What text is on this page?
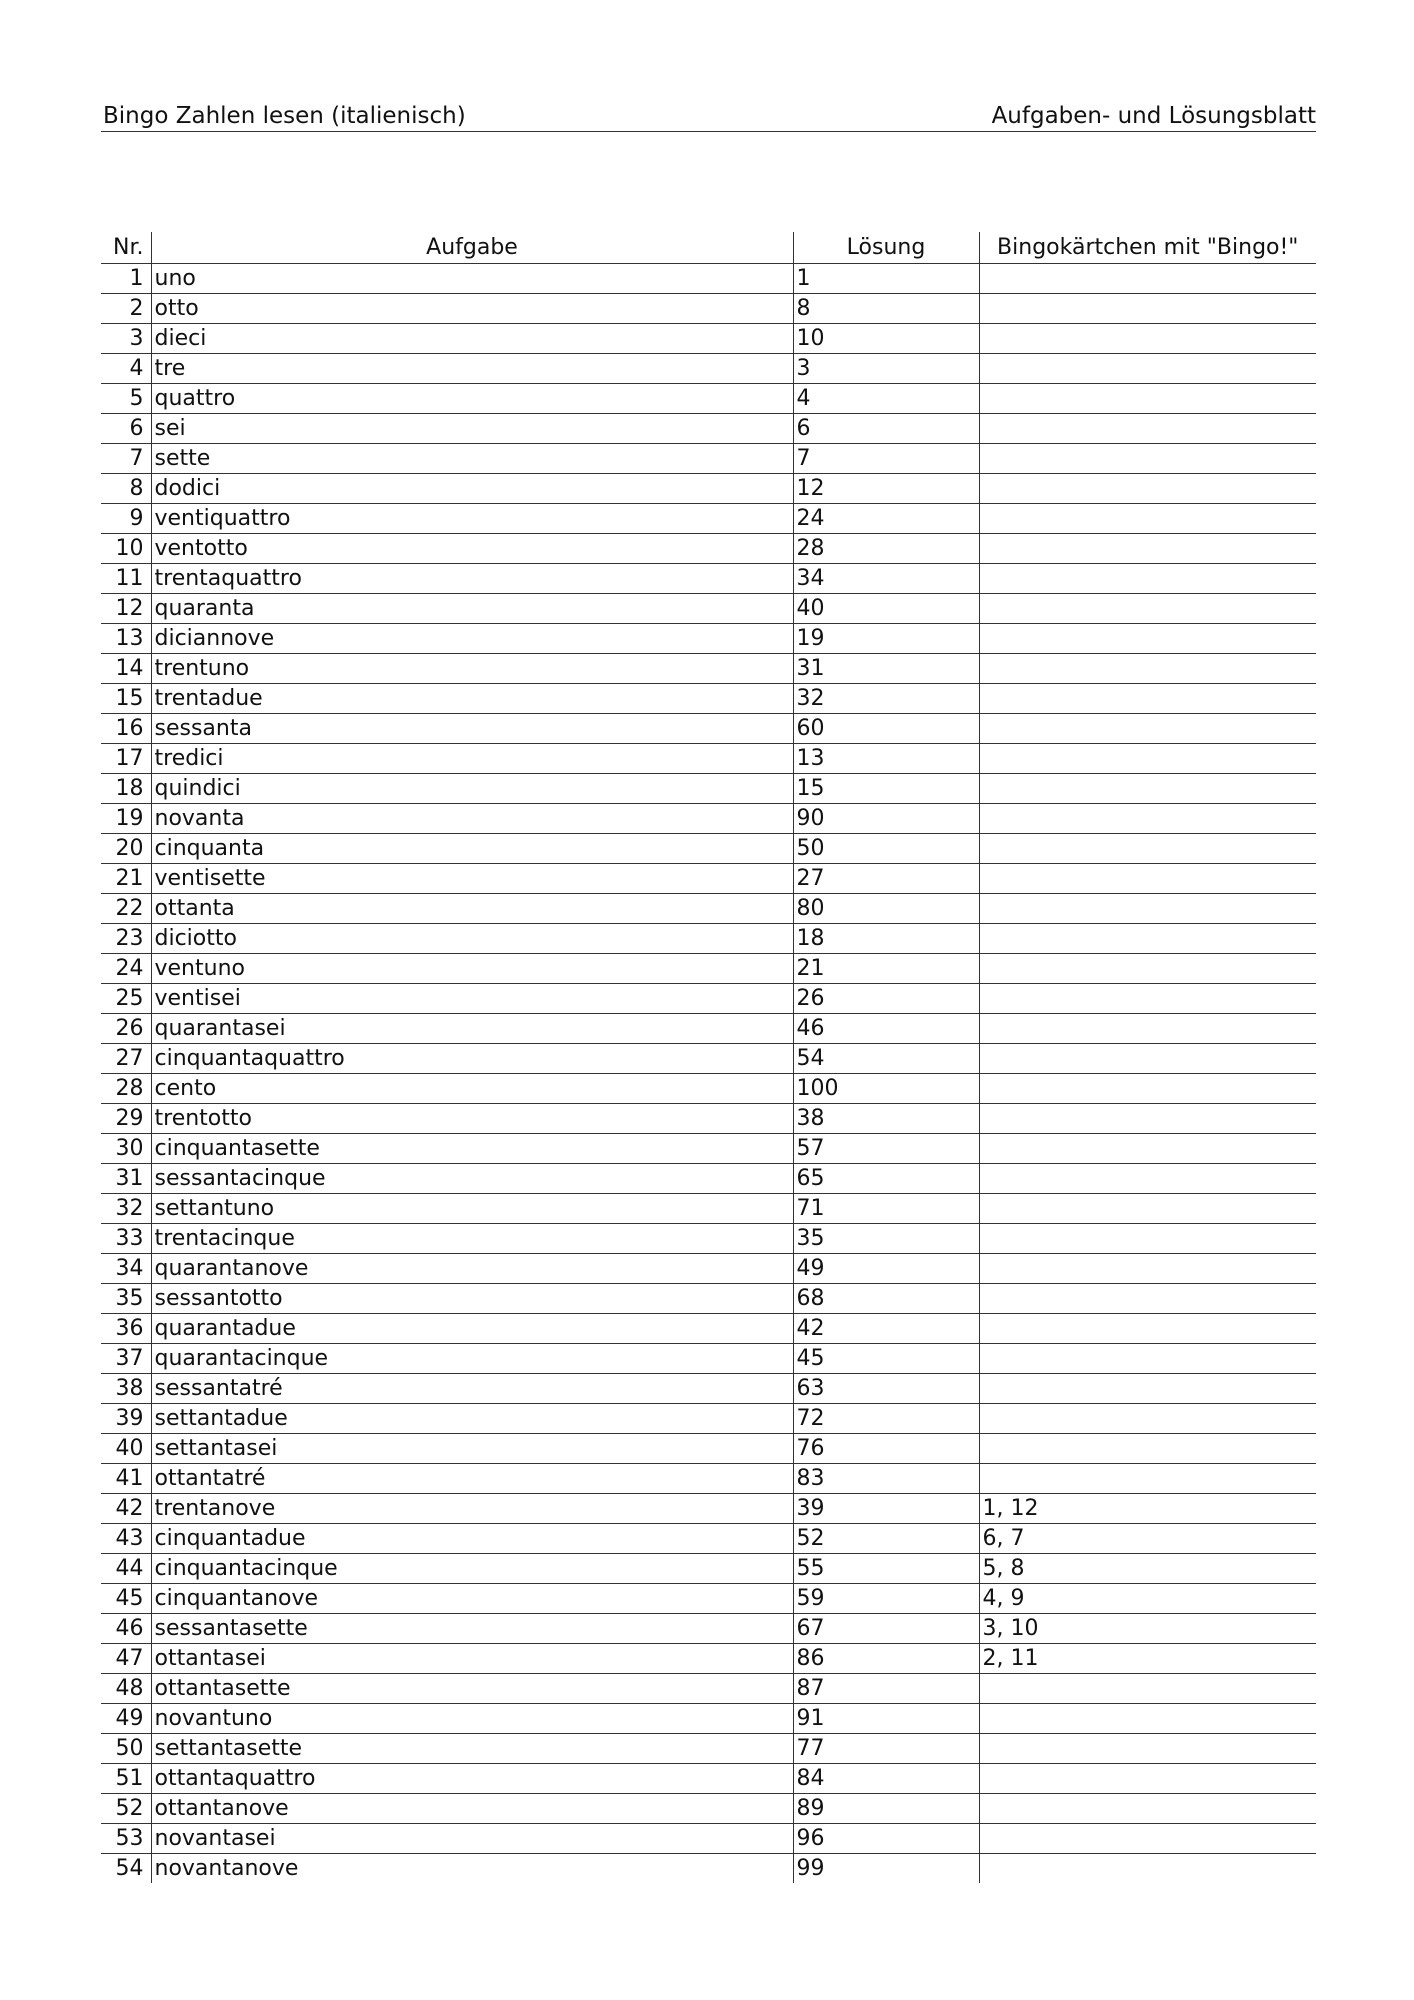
Bingo Zahlen lesen (italienisch)	Aufgaben- und Lösungsblatt
Nr.	Aufgabe	Lösung	Bingokärtchen mit "Bingo!"
1	uno	1	
2	otto	8	
3	dieci	10	
4	tre	3	
5	quattro	4	
6	sei	6	
7	sette	7	
8	dodici	12	
9	ventiquattro	24	
10	ventotto	28	
11	trentaquattro	34	
12	quaranta	40	
13	diciannove	19	
14	trentuno	31	
15	trentadue	32	
16	sessanta	60	
17	tredici	13	
18	quindici	15	
19	novanta	90	
20	cinquanta	50	
21	ventisette	27	
22	ottanta	80	
23	diciotto	18	
24	ventuno	21	
25	ventisei	26	
26	quarantasei	46	
27	cinquantaquattro	54	
28	cento	100	
29	trentotto	38	
30	cinquantasette	57	
31	sessantacinque	65	
32	settantuno	71	
33	trentacinque	35	
34	quarantanove	49	
35	sessantotto	68	
36	quarantadue	42	
37	quarantacinque	45	
38	sessantatré	63	
39	settantadue	72	
40	settantasei	76	
41	ottantatré	83	
42	trentanove	39	1, 12
43	cinquantadue	52	6, 7
44	cinquantacinque	55	5, 8
45	cinquantanove	59	4, 9
46	sessantasette	67	3, 10
47	ottantasei	86	2, 11
48	ottantasette	87	
49	novantuno	91	
50	settantasette	77	
51	ottantaquattro	84	
52	ottantanove	89	
53	novantasei	96	
54	novantanove	99	
